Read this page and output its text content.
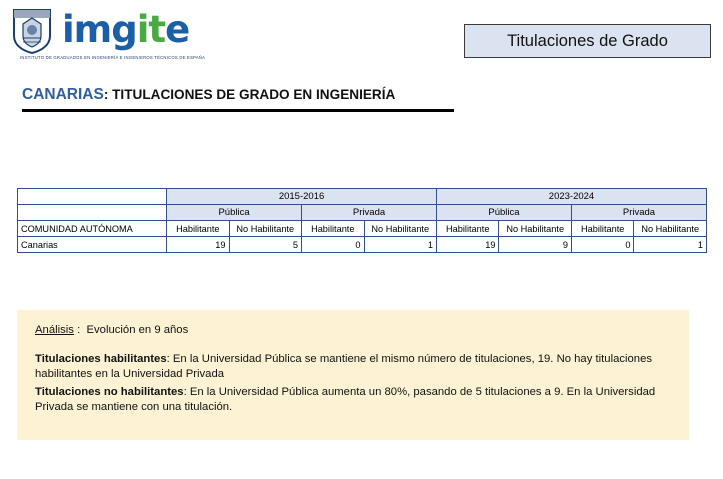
imgite
INSTITUTO DE GRADUADOS EN INGENIERÍA E INGENIEROS TÉCNICOS DE ESPAÑA
Titulaciones de Grado
CANARIAS: TITULACIONES DE GRADO EN INGENIERÍA
	2015-2016				2023-2024			
	Pública		Privada		Pública		Privada	
COMUNIDAD AUTÓNOMA	Habilitante	No Habilitante	Habilitante	No Habilitante	Habilitante	No Habilitante	Habilitante	No Habilitante
Canarias	19	5	0	1	19	9	0	1
Análisis : Evolución en 9 años

Titulaciones habilitantes: En la Universidad Pública se mantiene el mismo número de titulaciones, 19. No hay titulaciones habilitantes en la Universidad Privada

Titulaciones no habilitantes: En la Universidad Pública aumenta un 80%, pasando de 5 titulaciones a 9. En la Universidad Privada se mantiene con una titulación.
